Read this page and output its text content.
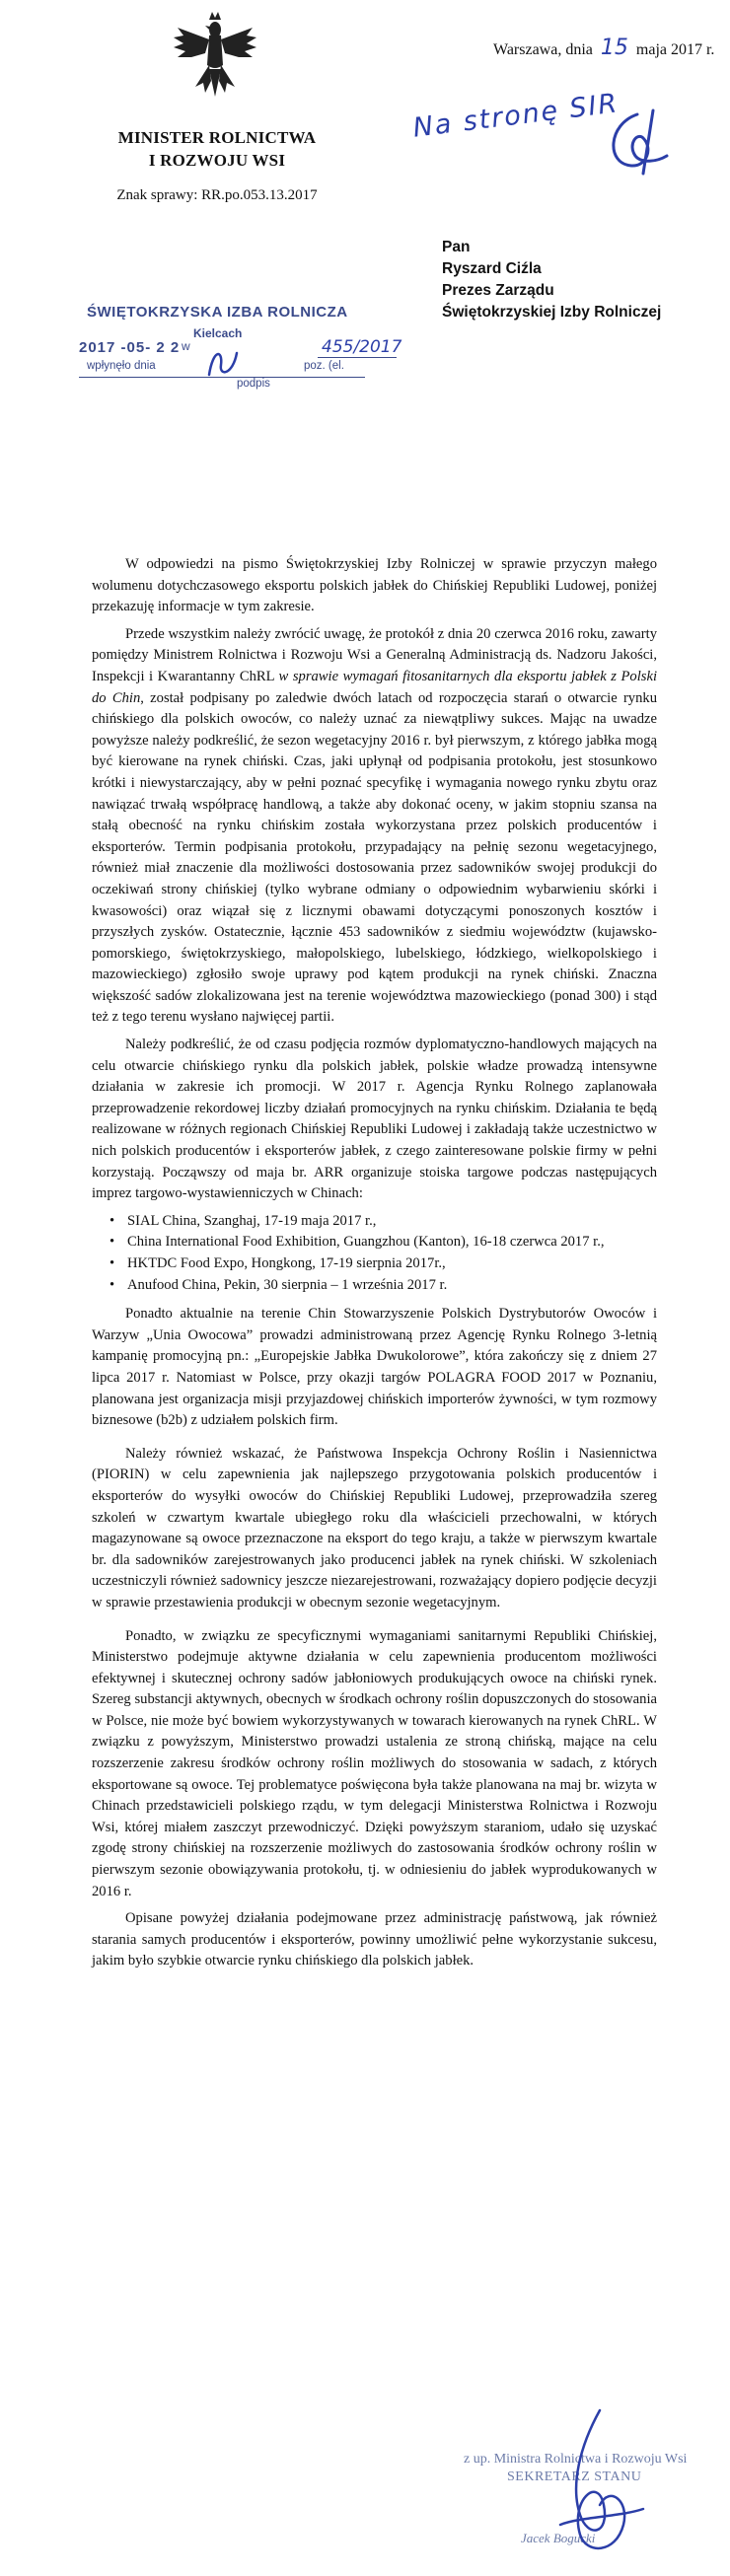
MINISTER ROLNICTWA
I ROZWOJU WSI
Znak sprawy: RR.po.053.13.2017
Warszawa, dnia 15 maja 2017 r.
Na stronę SIR
Pan
Ryszard Ciźla
Prezes Zarządu
Świętokrzyskiej Izby Rolniczej
ŚWIĘTOKRZYSKA IZBA ROLNICZA
Kielcach
2017 -05- 2 2 w	455/2017
wpłynęło dnia	poz. (el.
podpis

W odpowiedzi na pismo Świętokrzyskiej Izby Rolniczej w sprawie przyczyn małego wolumenu dotychczasowego eksportu polskich jabłek do Chińskiej Republiki Ludowej, poniżej przekazuję informacje w tym zakresie.

Przede wszystkim należy zwrócić uwagę, że protokół z dnia 20 czerwca 2016 roku, zawarty pomiędzy Ministrem Rolnictwa i Rozwoju Wsi a Generalną Administracją ds. Nadzoru Jakości, Inspekcji i Kwarantanny ChRL w sprawie wymagań fitosanitarnych dla eksportu jabłek z Polski do Chin, został podpisany po zaledwie dwóch latach od rozpoczęcia starań o otwarcie rynku chińskiego dla polskich owoców, co należy uznać za niewątpliwy sukces. Mając na uwadze powyższe należy podkreślić, że sezon wegetacyjny 2016 r. był pierwszym, z którego jabłka mogą być kierowane na rynek chiński. Czas, jaki upłynął od podpisania protokołu, jest stosunkowo krótki i niewystarczający, aby w pełni poznać specyfikę i wymagania nowego rynku zbytu oraz nawiązać trwałą współpracę handlową, a także aby dokonać oceny, w jakim stopniu szansa na stałą obecność na rynku chińskim została wykorzystana przez polskich producentów i eksporterów. Termin podpisania protokołu, przypadający na pełnię sezonu wegetacyjnego, również miał znaczenie dla możliwości dostosowania przez sadowników swojej produkcji do oczekiwań strony chińskiej (tylko wybrane odmiany o odpowiednim wybarwieniu skórki i kwasowości) oraz wiązał się z licznymi obawami dotyczącymi ponoszonych kosztów i przyszłych zysków. Ostatecznie, łącznie 453 sadowników z siedmiu województw (kujawsko-pomorskiego, świętokrzyskiego, małopolskiego, lubelskiego, łódzkiego, wielkopolskiego i mazowieckiego) zgłosiło swoje uprawy pod kątem produkcji na rynek chiński. Znaczna większość sadów zlokalizowana jest na terenie województwa mazowieckiego (ponad 300) i stąd też z tego terenu wysłano najwięcej partii.

Należy podkreślić, że od czasu podjęcia rozmów dyplomatyczno-handlowych mających na celu otwarcie chińskiego rynku dla polskich jabłek, polskie władze prowadzą intensywne działania w zakresie ich promocji. W 2017 r. Agencja Rynku Rolnego zaplanowała przeprowadzenie rekordowej liczby działań promocyjnych na rynku chińskim. Działania te będą realizowane w różnych regionach Chińskiej Republiki Ludowej i zakładają także uczestnictwo w nich polskich producentów i eksporterów jabłek, z czego zainteresowane polskie firmy w pełni korzystają. Począwszy od maja br. ARR organizuje stoiska targowe podczas następujących imprez targowo-wystawienniczych w Chinach:

• SIAL China, Szanghaj, 17-19 maja 2017 r.,
• China International Food Exhibition, Guangzhou (Kanton), 16-18 czerwca 2017 r.,
• HKTDC Food Expo, Hongkong, 17-19 sierpnia 2017r.,
• Anufood China, Pekin, 30 sierpnia – 1 września 2017 r.

Ponadto aktualnie na terenie Chin Stowarzyszenie Polskich Dystrybutorów Owoców i Warzyw „Unia Owocowa” prowadzi administrowaną przez Agencję Rynku Rolnego 3-letnią kampanię promocyjną pn.: „Europejskie Jabłka Dwukolorowe”, która zakończy się z dniem 27 lipca 2017 r. Natomiast w Polsce, przy okazji targów POLAGRA FOOD 2017 w Poznaniu, planowana jest organizacja misji przyjazdowej chińskich importerów żywności, w tym rozmowy biznesowe (b2b) z udziałem polskich firm.

Należy również wskazać, że Państwowa Inspekcja Ochrony Roślin i Nasiennictwa (PIORIN) w celu zapewnienia jak najlepszego przygotowania polskich producentów i eksporterów do wysyłki owoców do Chińskiej Republiki Ludowej, przeprowadziła szereg szkoleń w czwartym kwartale ubiegłego roku dla właścicieli przechowalni, w których magazynowane są owoce przeznaczone na eksport do tego kraju, a także w pierwszym kwartale br. dla sadowników zarejestrowanych jako producenci jabłek na rynek chiński. W szkoleniach uczestniczyli również sadownicy jeszcze niezarejestrowani, rozważający dopiero podjęcie decyzji w sprawie przestawienia produkcji w obecnym sezonie wegetacyjnym.

Ponadto, w związku ze specyficznymi wymaganiami sanitarnymi Republiki Chińskiej, Ministerstwo podejmuje aktywne działania w celu zapewnienia producentom możliwości efektywnej i skutecznej ochrony sadów jabłoniowych produkujących owoce na chiński rynek. Szereg substancji aktywnych, obecnych w środkach ochrony roślin dopuszczonych do stosowania w Polsce, nie może być bowiem wykorzystywanych w towarach kierowanych na rynek ChRL. W związku z powyższym, Ministerstwo prowadzi ustalenia ze stroną chińską, mające na celu rozszerzenie zakresu środków ochrony roślin możliwych do stosowania w sadach, z których eksportowane są owoce. Tej problematyce poświęcona była także planowana na maj br. wizyta w Chinach przedstawicieli polskiego rządu, w tym delegacji Ministerstwa Rolnictwa i Rozwoju Wsi, której miałem zaszczyt przewodniczyć. Dzięki powyższym staraniom, udało się uzyskać zgodę strony chińskiej na rozszerzenie możliwych do zastosowania środków ochrony roślin w pierwszym sezonie obowiązywania protokołu, tj. w odniesieniu do jabłek wyprodukowanych w 2016 r.

Opisane powyżej działania podejmowane przez administrację państwową, jak również starania samych producentów i eksporterów, powinny umożliwić pełne wykorzystanie sukcesu, jakim było szybkie otwarcie rynku chińskiego dla polskich jabłek.

z up. Ministra Rolnictwa i Rozwoju Wsi
SEKRETARZ STANU
Jacek Bogucki
